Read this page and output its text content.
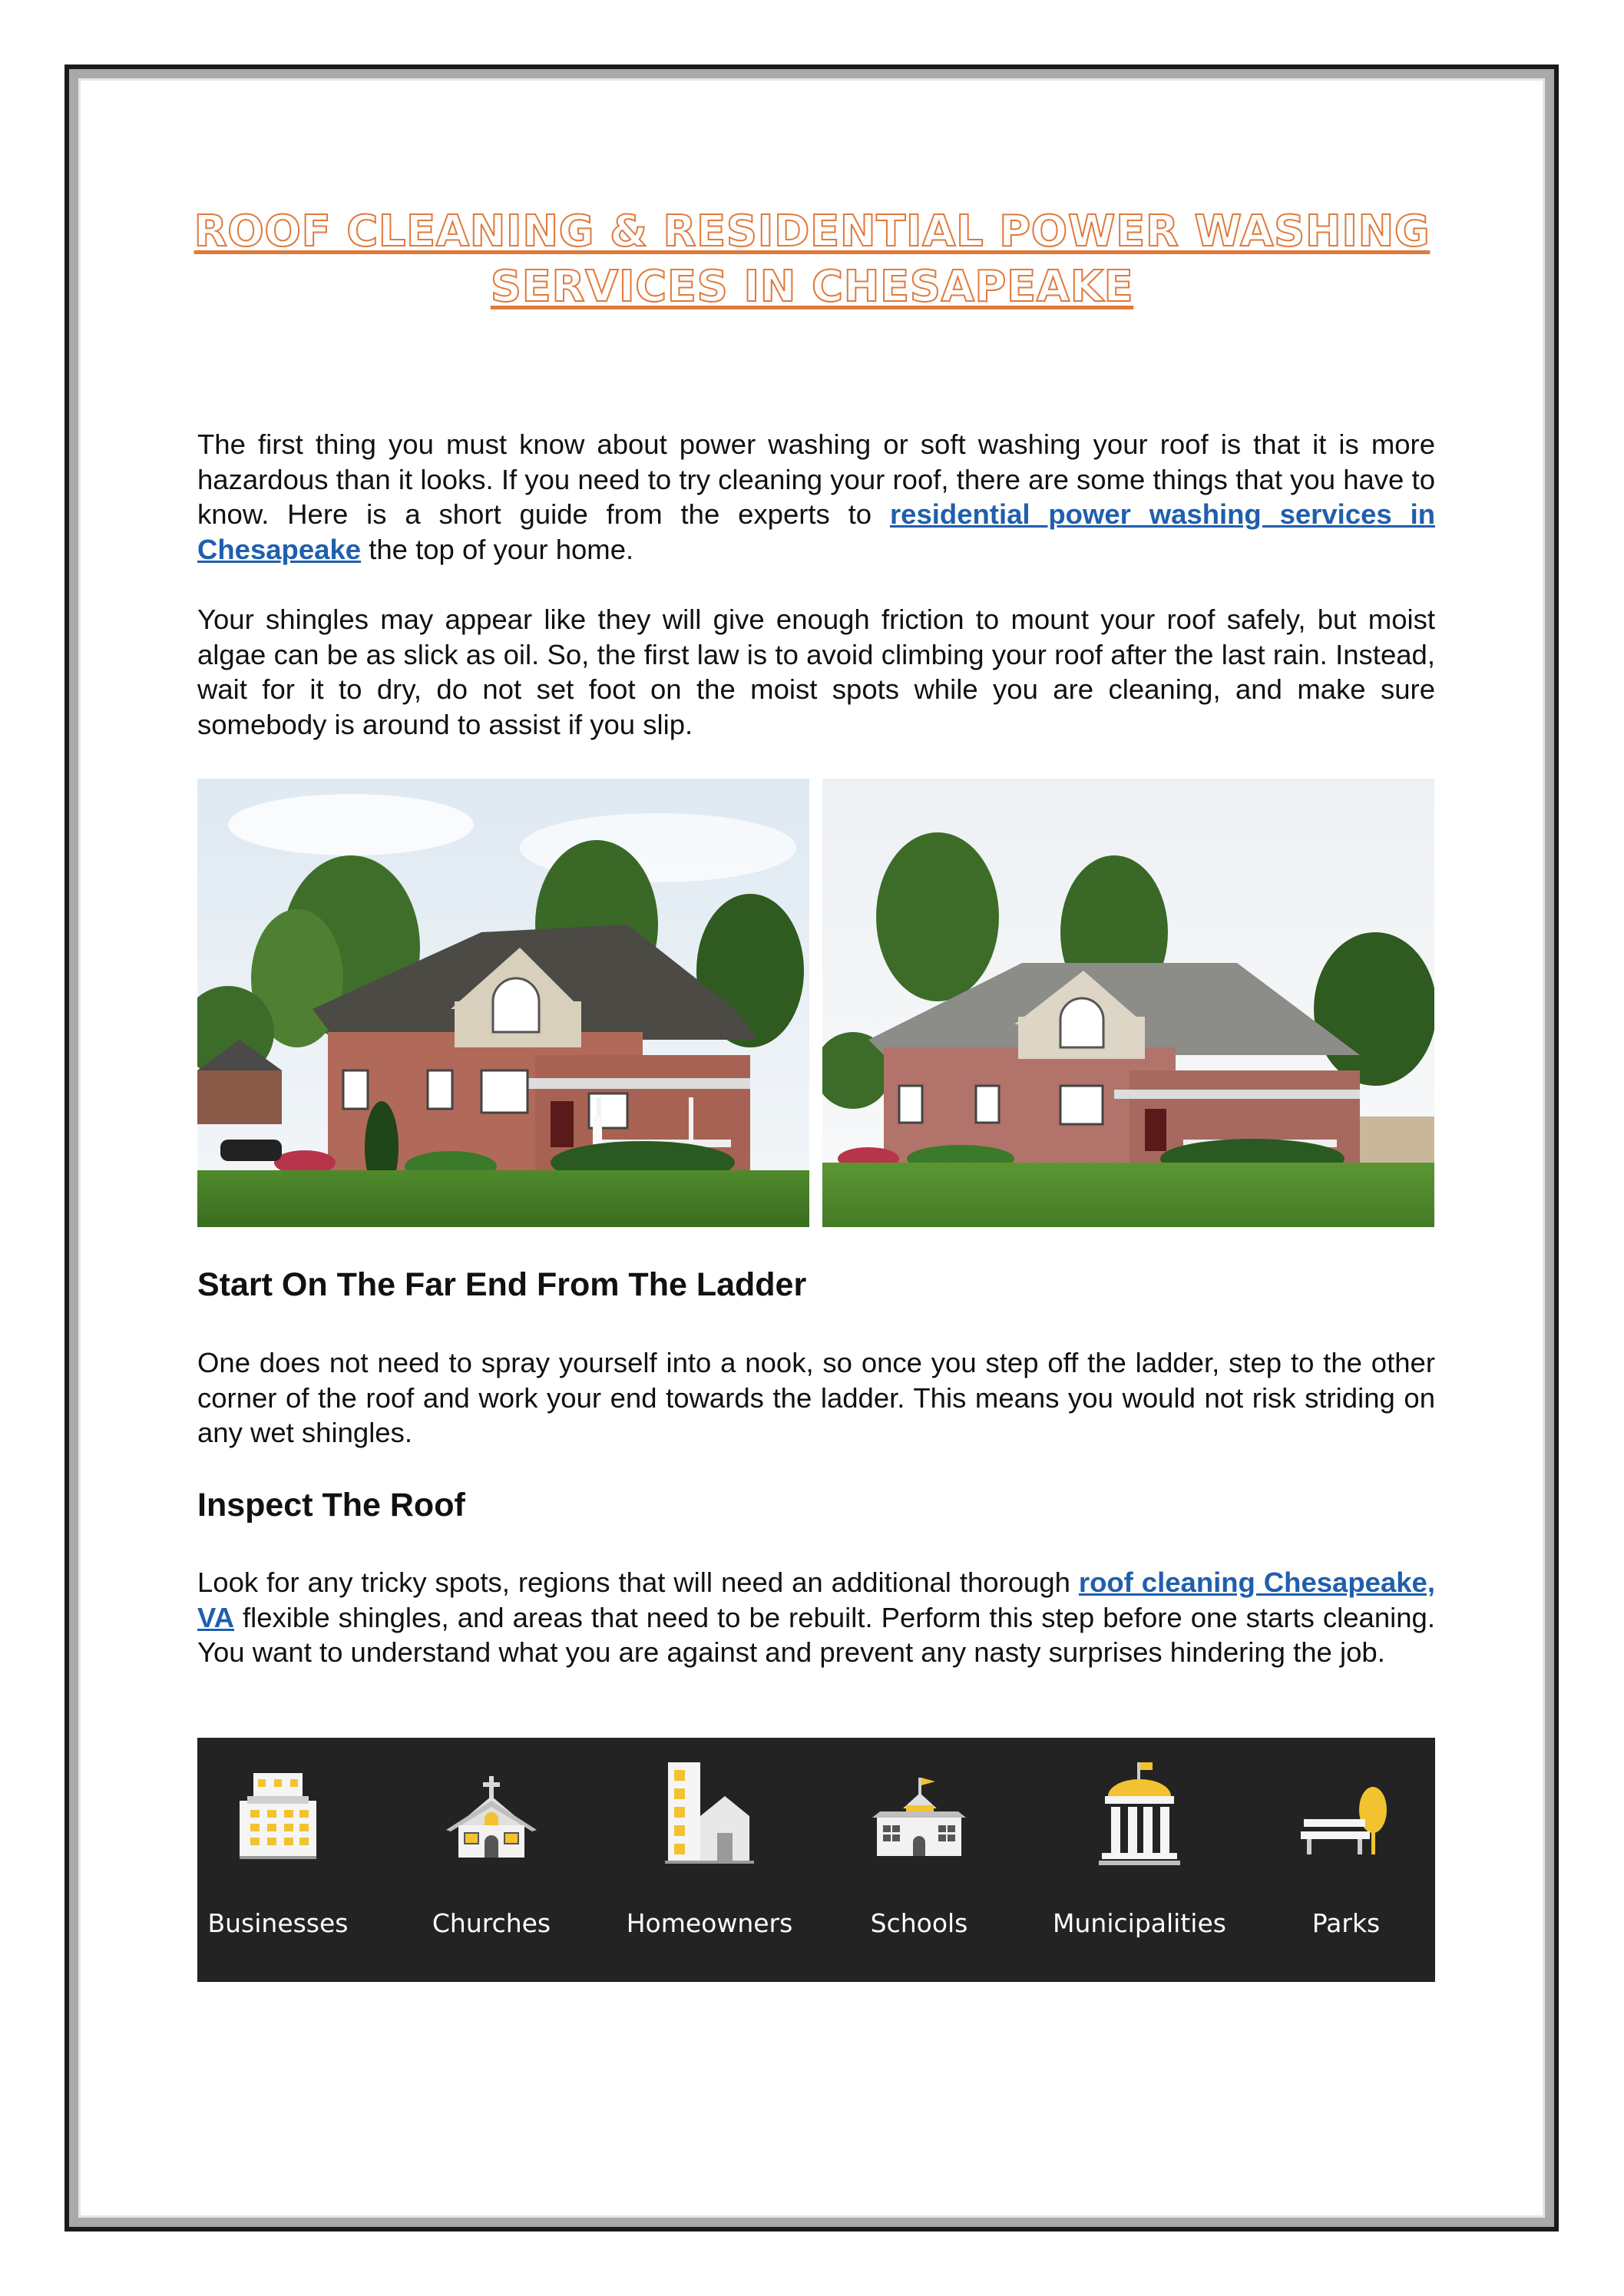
ROOF CLEANING & RESIDENTIAL POWER WASHING SERVICES IN CHESAPEAKE

The first thing you must know about power washing or soft washing your roof is that it is more hazardous than it looks. If you need to try cleaning your roof, there are some things that you have to know. Here is a short guide from the experts to residential power washing services in Chesapeake the top of your home.

Your shingles may appear like they will give enough friction to mount your roof safely, but moist algae can be as slick as oil. So, the first law is to avoid climbing your roof after the last rain. Instead, wait for it to dry, do not set foot on the moist spots while you are cleaning, and make sure somebody is around to assist if you slip.

Start On The Far End From The Ladder

One does not need to spray yourself into a nook, so once you step off the ladder, step to the other corner of the roof and work your end towards the ladder. This means you would not risk striding on any wet shingles.

Inspect The Roof

Look for any tricky spots, regions that will need an additional thorough roof cleaning Chesapeake, VA flexible shingles, and areas that need to be rebuilt. Perform this step before one starts cleaning. You want to understand what you are against and prevent any nasty surprises hindering the job.

Businesses	Churches	Homeowners	Schools	Municipalities	Parks
